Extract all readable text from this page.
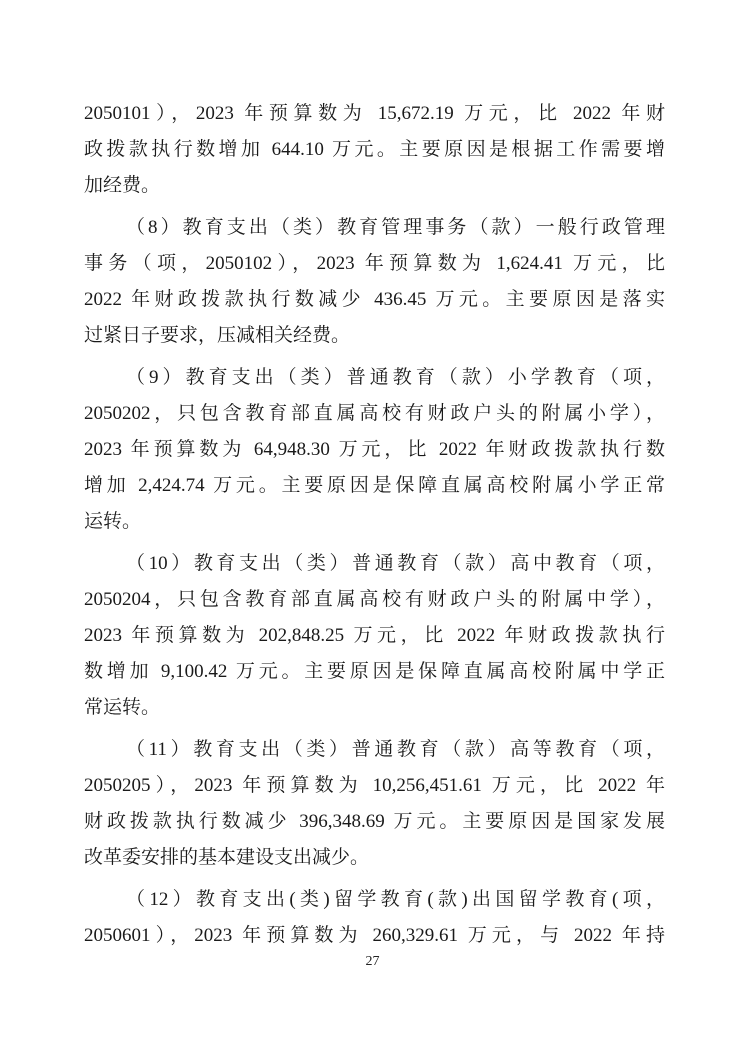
2050101），2023 年预算数为 15,672.19 万元，比 2022 年财
政拨款执行数增加 644.10 万元。主要原因是根据工作需要增
加经费。
（8）教育支出（类）教育管理事务（款）一般行政管理
事务（项，2050102），2023 年预算数为 1,624.41 万元，比
2022 年财政拨款执行数减少 436.45 万元。主要原因是落实
过紧日子要求，压减相关经费。
（9）教育支出（类）普通教育（款）小学教育（项，
2050202，只包含教育部直属高校有财政户头的附属小学），
2023 年预算数为 64,948.30 万元，比 2022 年财政拨款执行数
增加 2,424.74 万元。主要原因是保障直属高校附属小学正常
运转。
（10）教育支出（类）普通教育（款）高中教育（项，
2050204，只包含教育部直属高校有财政户头的附属中学），
2023 年预算数为 202,848.25 万元，比 2022 年财政拨款执行
数增加 9,100.42 万元。主要原因是保障直属高校附属中学正
常运转。
（11）教育支出（类）普通教育（款）高等教育（项，
2050205），2023 年预算数为 10,256,451.61 万元，比 2022 年
财政拨款执行数减少 396,348.69 万元。主要原因是国家发展
改革委安排的基本建设支出减少。
（12）教育支出(类)留学教育(款)出国留学教育(项，
2050601），2023 年预算数为 260,329.61 万元，与 2022 年持
27
